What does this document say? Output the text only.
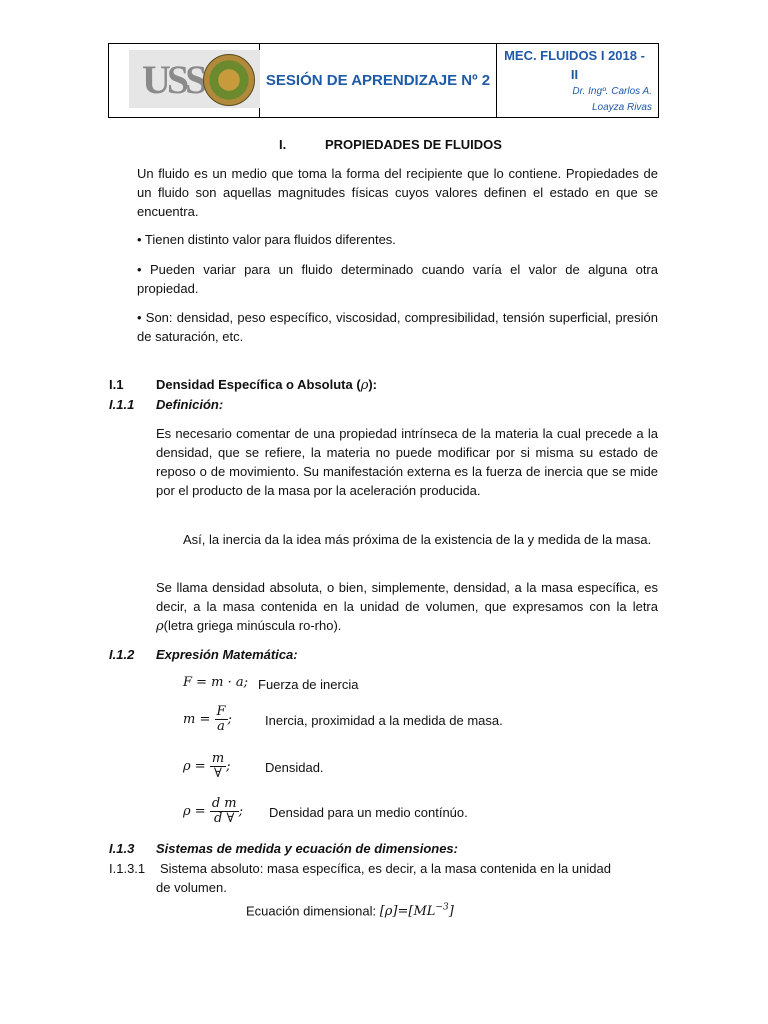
USS	SESIÓN DE APRENDIZAJE Nº 2
MEC. FLUIDOS I 2018 -
II
Dr. Ingº. Carlos A.
Loayza Rivas

I.	PROPIEDADES DE FLUIDOS

Un fluido es un medio que toma la forma del recipiente que lo contiene. Propiedades de un fluido son aquellas magnitudes físicas cuyos valores definen el estado en que se encuentra.

• Tienen distinto valor para fluidos diferentes.

• Pueden variar para un fluido determinado cuando varía el valor de alguna otra propiedad.

• Son: densidad, peso específico, viscosidad, compresibilidad, tensión superficial, presión de saturación, etc.

I.1	Densidad Específica o Absoluta (ρ):

I.1.1 Definición:

Es necesario comentar de una propiedad intrínseca de la materia la cual precede a la densidad, que se refiere, la materia no puede modificar por si misma su estado de reposo o de movimiento. Su manifestación externa es la fuerza de inercia que se mide por el producto de la masa por la aceleración producida.

Así, la inercia da la idea más próxima de la existencia de la y medida de la masa.

Se llama densidad absoluta, o bien, simplemente, densidad, a la masa específica, es decir, a la masa contenida en la unidad de volumen, que expresamos con la letra ρ(letra griega minúscula ro-rho).

I.1.2 Expresión Matemática:

F = m · a; Fuerza de inercia

$m = \frac{F}{a}$ ;	Inercia, proximidad a la medida de masa.

$\rho = \frac{m}{\forall}$ ;	Densidad.

$\rho = \frac{\text{d m}}{d \forall}$ ; Densidad para un medio contínúo.

I.1.3 Sistemas de medida y ecuación de dimensiones:

I.1.3.1 Sistema absoluto: masa específica, es decir, a la masa contenida en la unidad

de volumen.

Ecuación dimensional: $[\rho]=[ML^{-3}]$
